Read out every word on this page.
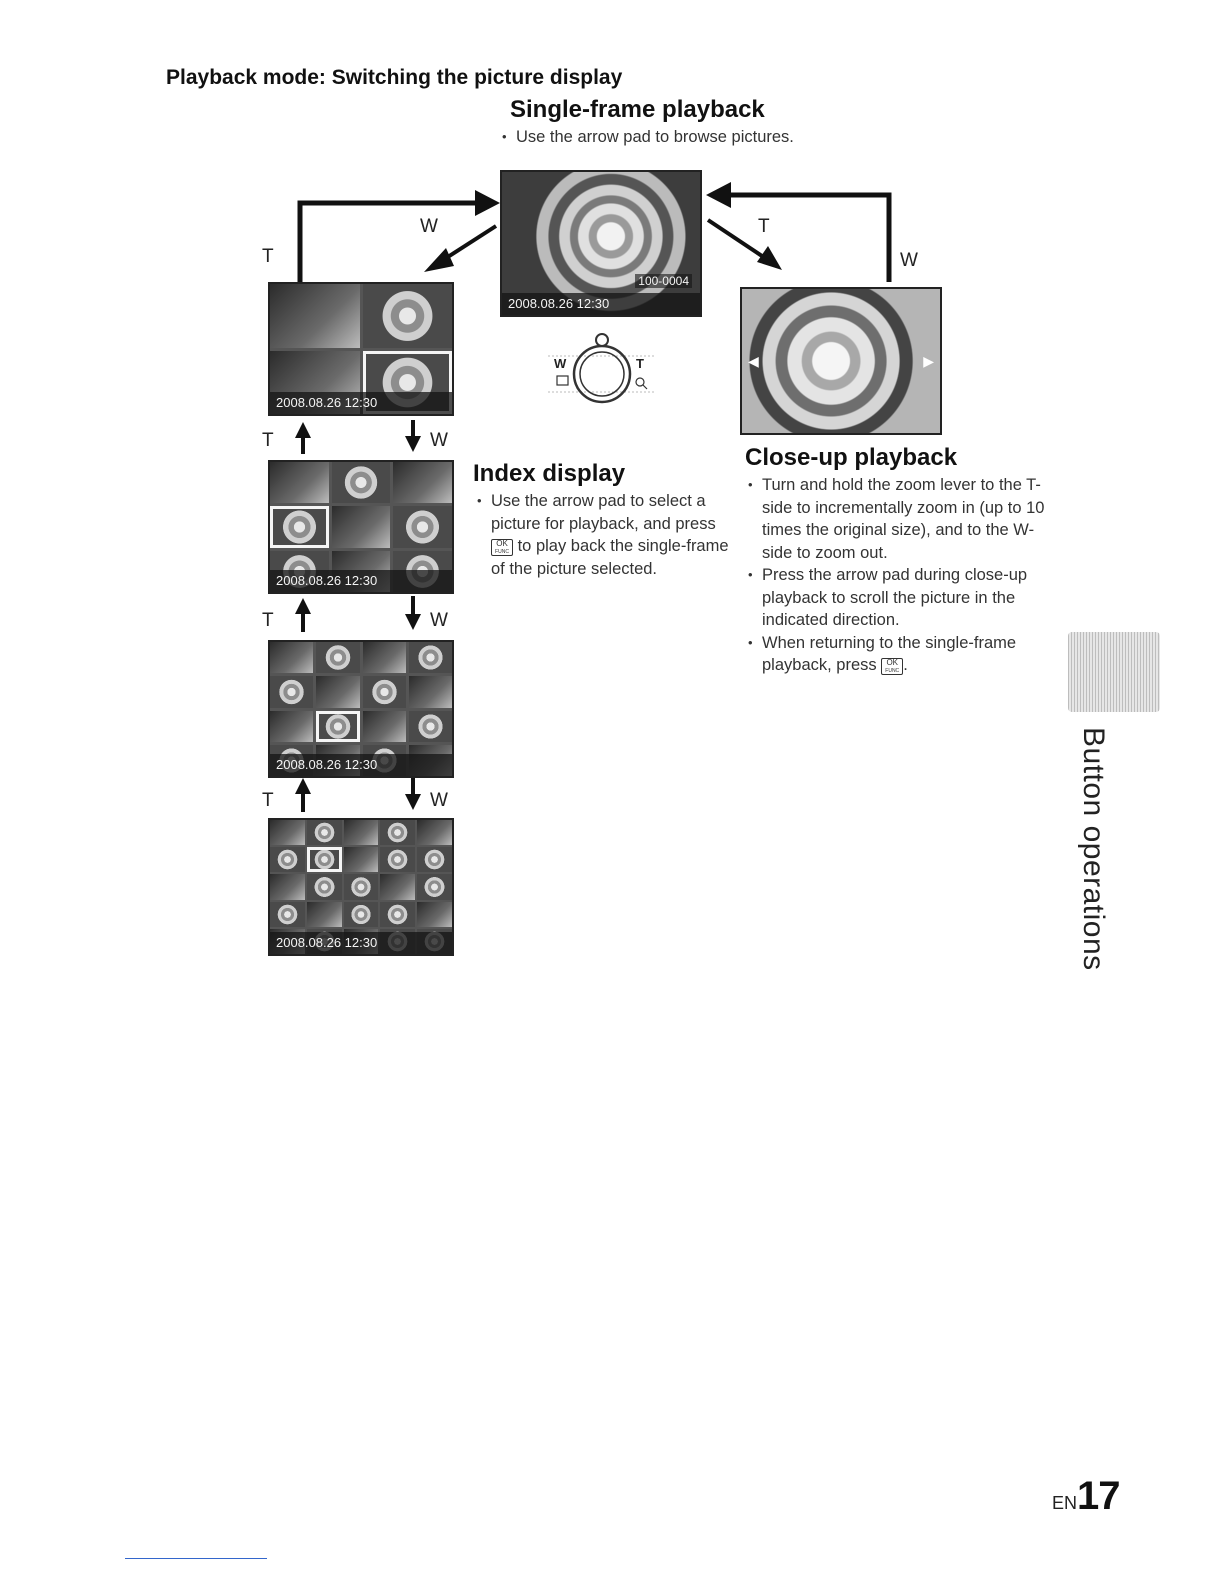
Playback mode: Switching the picture display
Single-frame playback
• Use the arrow pad to browse pictures.
T
W	T
W
T	W
T	W
T	W
100-0004
2008.08.26 12:30
W	T	◀	▶
2008.08.26 12:30
2008.08.26 12:30
2008.08.26 12:30
2008.08.26 12:30
Index display
• Use the arrow pad to select a picture for playback, and press OK
FUNC to play back the single-frame of the picture selected.
Close-up playback
• Turn and hold the zoom lever to the T-side to incrementally zoom in (up to 10 times the original size), and to the W-side to zoom out.
• Press the arrow pad during close-up playback to scroll the picture in the indicated direction.
• When returning to the single-frame playback, press OK
FUNC .
Button operations
EN17
